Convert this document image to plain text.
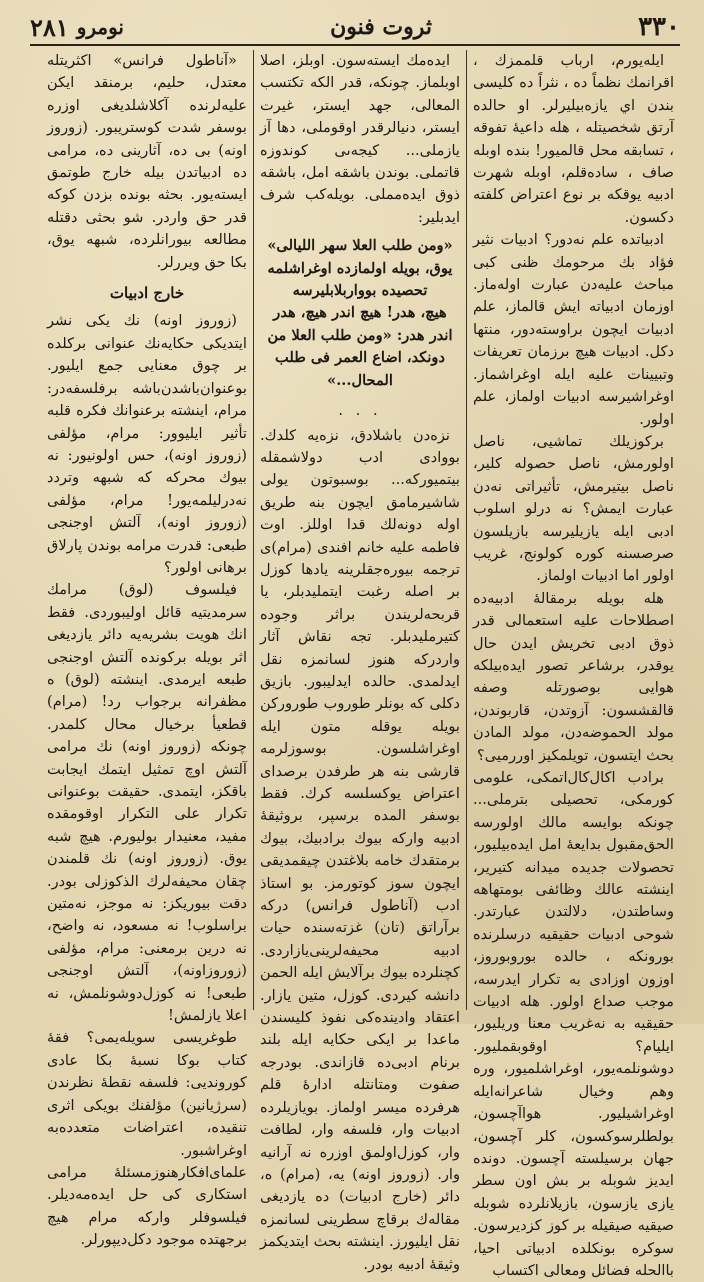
٣٣٠
ثروت فنون
نومرو
٢٨١

ايله‌يورم، ارباب قلممزك ، اقرانمك نظماً ده ، نثراً ده كليسى بندن اي يازه‌بيليرلر. او حالده آرتق شخصيتله ، هله داعيهٔ تفوقه ، تسابقه محل قالميور! بنده اوبله صاف ، ساده‌قلم، اوبله شهرت ادبيه يوقكه بر نوع اعتراض كلفته دكسون.

ادبياتده علم نه‌دور؟ ادبيات نثير فؤاد بك مرحومك ظنى كبى مباحث عليه‌دن عبارت اوله‌ماز. اوزمان ادبياته ايش قالماز، علم ادبيات ايچون براوسته‌دور، منتها دكل. ادبيات هيچ برزمان تعريفات وتبيينات عليه ايله اوغراشماز. اوغراشيرسه ادبيات اولماز، علم اولور.

بركوزيلك تماشيى، ناصل اولورمش، ناصل حصوله كلير، ناصل بيتيرمش، تأثيراتى نه‌دن عبارت ايمش؟ نه درلو اسلوب ادبى ايله يازيليرسه بازيلسون صرصسنه كوره كولونج، غريب اولور اما ادبيات اولماز.

هله بويله برمقالهٔ ادبيه‌ده اصطلاحات عليه استعمالى قدر ذوق ادبى تخريش ايدن حال يوقدر، برشاعر تصور ايده‌بيلكه هوايى بوصورتله وصفه قالقشسون: آزوتدن، قاربوندن، مولد الحموضه‌دن، مولد المادن بحث ايتسون، تويلمكيز اوررميى؟

برادب اكال‌كال‌اتمكى، علومى كورمكى، تحصيلى بترملى... چونكه بوايسه مالك اولورسه الحق‌مقبول بدايعهٔ امل ايده‌بيليور، تحصولات جديده ميدانه كتيرير، اينشته عالك وظائفى بومتهاهه وساطتدن، دلالتدن عبارتدر. شوحى ادبيات حقيقيه درسلرنده بورونكه ، حالده بوروبوروز، اوزون اوزادى به تكرار ايدرسه، موجب صداع اولور. هله ادبيات حقيقيه به نه‌غريب معنا وريليور، ايليام؟ اوقوبقمليور. دوشونلمه‌يور، اوغراشلميور، وره وهم وخيال شاعرانه‌ايله اوغراشيليور. هواآچسون، بولطلرسوكسون، كلر آچسون، جهان برسيلسته آچسون. دونده ايديز شوبله بر بش اون سطر يازى يازسون، بازيلانلرده شوبله صيقيه صيقيله بر كوز كزديرسون. سوكره بونكلده ادبياتى احيا، باالحله فضائل ومعالى اكتساب

ايده‌مك ايسته‌سون. اوبلز، اصلا اوبلماز. چونكه، قدر الكه تكتسب المعالى، جهد ايستر، غيرت ايستر، دنيالرقدر اوقوملى، دها آز يازملى... كيجه‌ىى كوندوزه قاتملى. بوندن باشقه امل، باشقه ذوق ايده‌مملى. بويله‌كب شرف ايدبلير:

«ومن طلب العلا سهر الليالى» يوق، بويله اولمازده اوغراشلمه تحصيده بوواربلابليرسه
هيچ، هدر! هيچ اندر هيچ، هدر اندر هدر: «ومن طلب العلا من دونكد، اضاع العمر فى طلب المحال...»
. . .

نزه‌دن باشلادق، نزه‌يه كلدك. بووادى ادب دولاشمقله بيتميوركه... بوسبوتون يولى شاشيرمامق ايچون بنه طريق اوله دونه‌لك قدا اوللز. اوت فاطمه عليه خانم افندى (مرام)ى ترجمه بيوره‌جقلرينه يادها كوزل بر اصله رغبت ايتمليدبلر، يا قربحه‌لريندن براثر وجوده كتيرمليدبلر. تجه نقاش آثار واردركه هنوز لسانمزه نقل ايدلمدى. حالده ايدليبور. بازيق دكلى كه بونلر طوروب طوروركن بويله يوقله متون ايله اوغراشلسون. بوسوزلرمه قارشى بنه هر طرفدن برصداى اعتراض يوكسلسه كرك. فقط بوسفر المده برسپر، بروثيقهٔ ادبيه واركه بيوك برادبيك، بيوك برمتقدك خامه بلاغتدن چيقمديقى ايچون سوز كوتورمز. بو استاذ ادب (آناطول فرانس) دركه برآراتق (تان) غزته‌سنده حيات ادبيه محيفه‌لرينى‌يازاردى. كچنلرده بيوك برآلايش ايله الحمن دانشه كيردى. كوزل، متين يازار. اعتقاد وادينده‌كى نفوذ كليسندن ماعدا بر ايكى حكايه ايله بلند برنام ادبى‌ده قازاندى. بودرجه صفوت ومتانتله ادارهٔ قلم هرفرده ميسر اولماز. بويازيلرده ادبيات وار، فلسفه وار، لطافت وار، كوزل‌اولمق اوزره نه آرانيه وار. (زوروز اونه) يه، (مرام) ه، دائر (خارج ادبيات) ده يازديغى مقاله‌ك برقاچ سطرينى لسانمزه نقل ايليورز. اينشته بحث ايتديكمز وثيقهٔ ادبيه بودر.

«آناطول فرانس» اكثريتله معتدل، حليم، برمنقد ايكن عليه‌لرنده آكلاشلديغى اوزره بوسفر شدت كوستريبور. (زوروز اونه) بى ده، آثارينى ده، مرامى ده ادبياتدن بيله خارج طوتمق ايسته‌يور. بحثه بونده بزدن كوكه قدر حق واردر. شو بحثى دقتله مطالعه بيورانلرده، شبهه يوق، بكا حق ويررلر.

خارج ادبيات

(زوروز اونه) نك يكى نشر ايتديكى حكايه‌نك عنوانى بركلده بر چوق معنايى جمع ايليور. بوعنوان‌باشدن‌باشه برفلسفه‌در: مرام، اينشته برعنوانك فكره قلبه تأثير ايليوور: مرام، مؤلفى (زوروز اونه)، حس اولونيور: نه بيوك محركه كه شبهه وتردد نه‌درليلمه‌يور! مرام، مؤلفى (زوروز اونه)، آلتش اوجنجى طبعى: قدرت مرامه بوندن پارلاق برهانى اولور؟

فيلسوف (لوق) مرامك سرمديتيه قائل اوليبوردى. فقط انك هويت بشريه‌يه دائر يازديغى اثر بويله بركونده آلتش اوجنجى طبعه ايرمدى. اينشته (لوق) ه مظفرانه برجواب رد! (مرام) قطعيأ برخيال محال كلمدر. چونكه (زوروز اونه) نك مرامى آلتش اوچ تمثيل ايتمك ايجابت باقكز، ايتمدى. حقيقت بوعنوانى تكرار على التكرار اوقومقده مفيد، معنيدار بوليورم. هيچ شبه يوق. (زوروز اونه) نك قلمندن چقان محيفه‌لرك الذكوزلى بودر. دقت بيوريكز: نه موجز، نه‌متين براسلوب! نه مسعود، نه واضح، نه درين برمعنى: مرام، مؤلفى (زوروزاونه)، آلتش اوجنجى طبعى! نه كوزل‌دوشونلمش، نه اعلا يازلمش!

طوغريسى سويله‌يمى؟ فقهٔ كتاب بوكا نسبهٔ بكا عادى كورونديى: فلسفه نقطهٔ نظرندن (سرژيانين) مؤلفنك بويكى اثرى تنقيده، اعتراضات متعدده‌به اوغراشبور. علماى‌افكارهنوزمسئلهٔ مرامى استكارى كى حل ايده‌مه‌ديلر. فيلسوفلر واركه مرام هيچ برجهتده موجود دكل‌ديپورلر.
